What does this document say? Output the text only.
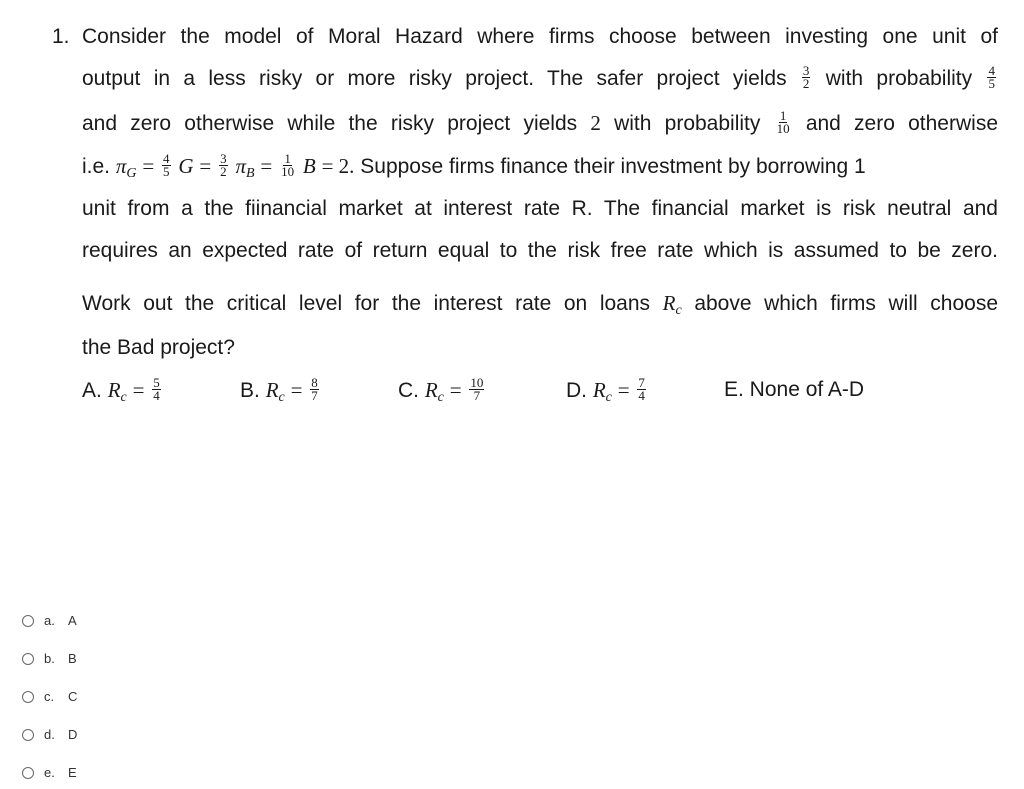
1. Consider the model of Moral Hazard where firms choose between investing one unit of
output in a less risky or more risky project. The safer project yields $\frac{3}{2}$ with probability $\frac{4}{5}$
and zero otherwise while the risky project yields 2 with probability $\frac{1}{10}$ and zero otherwise
i.e. $\pi_G = \frac{4}{5}$ $G = \frac{3}{2} \pi_B = \frac{1}{10}$ B = 2. Suppose firms finance their investment by borrowing 1
unit from a the fiinancial market at interest rate R. The financial market is risk neutral and
requires an expected rate of return equal to the risk free rate which is assumed to be zero.
Work out the critical level for the interest rate on loans $R_c$ above which firms will choose
the Bad project?
A. $R_c = \frac{5}{4}$	B. $R_c = \frac{8}{7}$	C. $R_c = \frac{10}{7}$	D. $R_c = \frac{7}{4}$	E. None of A-D
a. A
b. B
c. C
d. D
e. E
